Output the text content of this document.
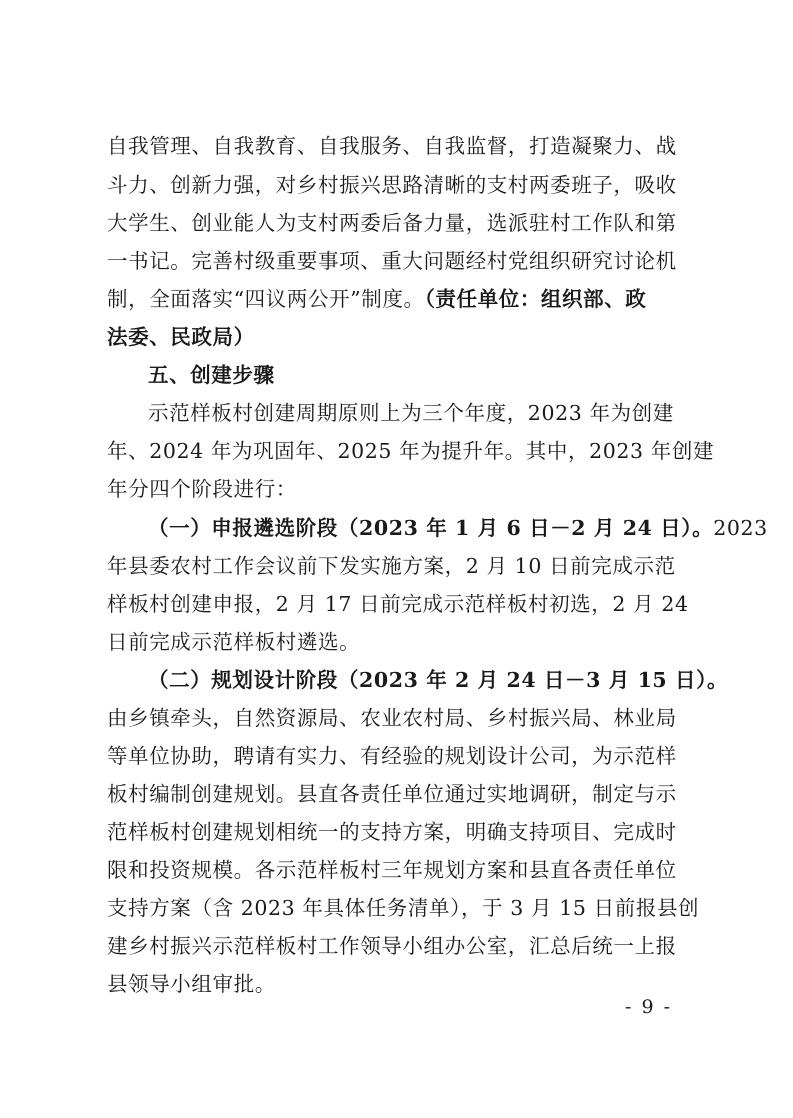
自我管理、自我教育、自我服务、自我监督，打造凝聚力、战
斗力、创新力强，对乡村振兴思路清晰的支村两委班子，吸收
大学生、创业能人为支村两委后备力量，选派驻村工作队和第
一书记。完善村级重要事项、重大问题经村党组织研究讨论机
制，全面落实“四议两公开”制度。（责任单位：组织部、政
法委、民政局）
五、创建步骤
示范样板村创建周期原则上为三个年度，2023 年为创建
年、2024 年为巩固年、2025 年为提升年。其中，2023 年创建
年分四个阶段进行：
（一）申报遴选阶段（2023 年 1 月 6 日－2 月 24 日）。2023
年县委农村工作会议前下发实施方案，2 月 10 日前完成示范
样板村创建申报，2 月 17 日前完成示范样板村初选，2 月 24
日前完成示范样板村遴选。
（二）规划设计阶段（2023 年 2 月 24 日－3 月 15 日）。
由乡镇牵头，自然资源局、农业农村局、乡村振兴局、林业局
等单位协助，聘请有实力、有经验的规划设计公司，为示范样
板村编制创建规划。县直各责任单位通过实地调研，制定与示
范样板村创建规划相统一的支持方案，明确支持项目、完成时
限和投资规模。各示范样板村三年规划方案和县直各责任单位
支持方案（含 2023 年具体任务清单），于 3 月 15 日前报县创
建乡村振兴示范样板村工作领导小组办公室，汇总后统一上报
县领导小组审批。
- 9 -
